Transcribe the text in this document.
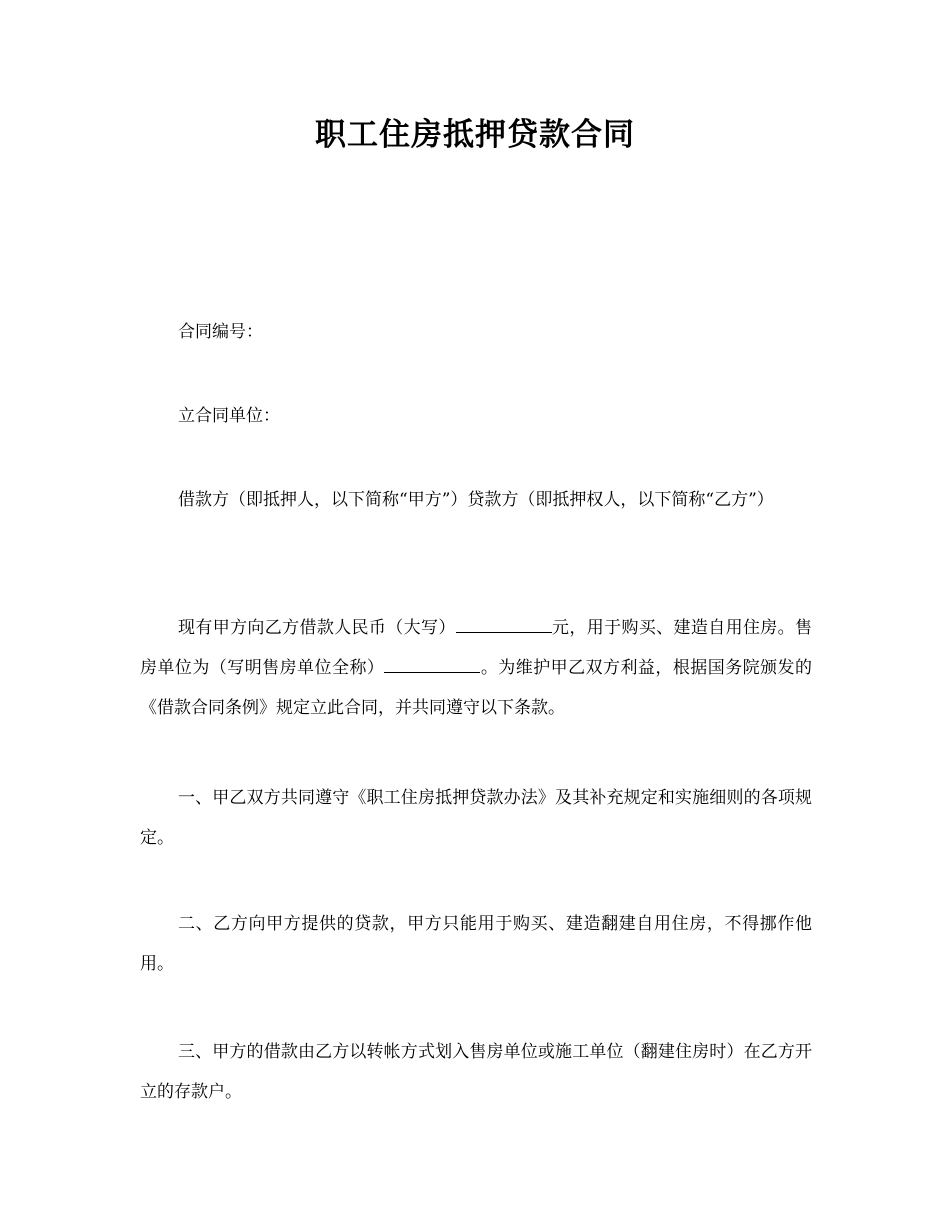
职工住房抵押贷款合同
合同编号：
立合同单位：
借款方（即抵押人，以下简称“甲方”）贷款方（即抵押权人，以下简称“乙方”）
现有甲方向乙方借款人民币（大写）	元，用于购买、建造自用住房。售房单位为（写明售房单位全称）	。为维护甲乙双方利益，根据国务院颁发的《借款合同条例》规定立此合同，并共同遵守以下条款。
一、甲乙双方共同遵守《职工住房抵押贷款办法》及其补充规定和实施细则的各项规定。
二、乙方向甲方提供的贷款，甲方只能用于购买、建造翻建自用住房，不得挪作他用。
三、甲方的借款由乙方以转帐方式划入售房单位或施工单位（翻建住房时）在乙方开立的存款户。
